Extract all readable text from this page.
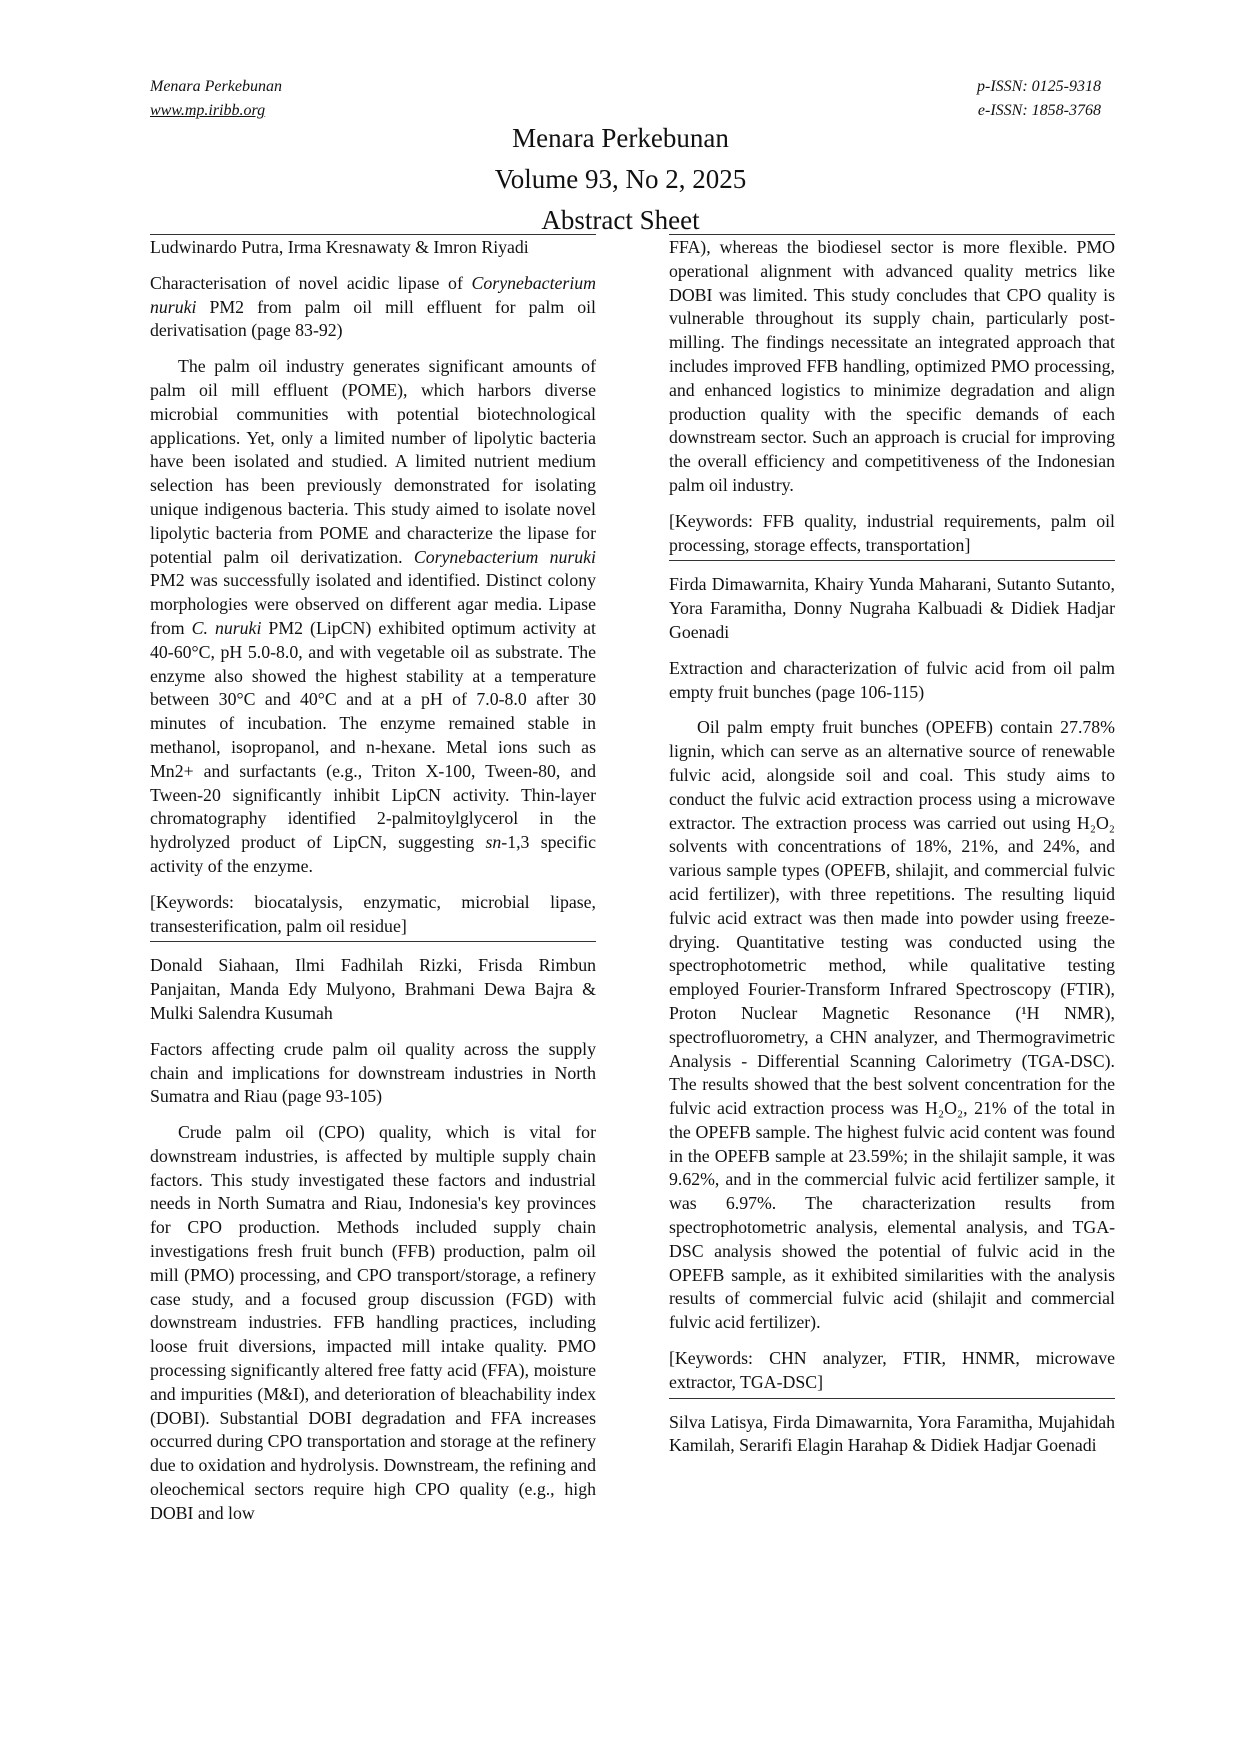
Menara Perkebunan
www.mp.iribb.org
p-ISSN: 0125-9318
e-ISSN: 1858-3768
Menara Perkebunan
Volume 93, No 2, 2025
Abstract Sheet

Ludwinardo Putra, Irma Kresnawaty & Imron Riyadi

Characterisation of novel acidic lipase of Corynebacterium nuruki PM2 from palm oil mill effluent for palm oil derivatisation (page 83-92)

The palm oil industry generates significant amounts of palm oil mill effluent (POME), which harbors diverse microbial communities with potential biotechnological applications. Yet, only a limited number of lipolytic bacteria have been isolated and studied. A limited nutrient medium selection has been previously demonstrated for isolating unique indigenous bacteria. This study aimed to isolate novel lipolytic bacteria from POME and characterize the lipase for potential palm oil derivatization. Corynebacterium nuruki PM2 was successfully isolated and identified. Distinct colony morphologies were observed on different agar media. Lipase from C. nuruki PM2 (LipCN) exhibited optimum activity at 40-60°C, pH 5.0-8.0, and with vegetable oil as substrate. The enzyme also showed the highest stability at a temperature between 30°C and 40°C and at a pH of 7.0-8.0 after 30 minutes of incubation. The enzyme remained stable in methanol, isopropanol, and n-hexane. Metal ions such as Mn2+ and surfactants (e.g., Triton X-100, Tween-80, and Tween-20 significantly inhibit LipCN activity. Thin-layer chromatography identified 2-palmitoylglycerol in the hydrolyzed product of LipCN, suggesting sn-1,3 specific activity of the enzyme.

[Keywords: biocatalysis, enzymatic, microbial lipase, transesterification, palm oil residue]

Donald Siahaan, Ilmi Fadhilah Rizki, Frisda Rimbun Panjaitan, Manda Edy Mulyono, Brahmani Dewa Bajra & Mulki Salendra Kusumah

Factors affecting crude palm oil quality across the supply chain and implications for downstream industries in North Sumatra and Riau (page 93-105)

Crude palm oil (CPO) quality, which is vital for downstream industries, is affected by multiple supply chain factors. This study investigated these factors and industrial needs in North Sumatra and Riau, Indonesia's key provinces for CPO production. Methods included supply chain investigations fresh fruit bunch (FFB) production, palm oil mill (PMO) processing, and CPO transport/storage, a refinery case study, and a focused group discussion (FGD) with downstream industries. FFB handling practices, including loose fruit diversions, impacted mill intake quality. PMO processing significantly altered free fatty acid (FFA), moisture and impurities (M&I), and deterioration of bleachability index (DOBI). Substantial DOBI degradation and FFA increases occurred during CPO transportation and storage at the refinery due to oxidation and hydrolysis. Downstream, the refining and oleochemical sectors require high CPO quality (e.g., high DOBI and low

FFA), whereas the biodiesel sector is more flexible. PMO operational alignment with advanced quality metrics like DOBI was limited. This study concludes that CPO quality is vulnerable throughout its supply chain, particularly post-milling. The findings necessitate an integrated approach that includes improved FFB handling, optimized PMO processing, and enhanced logistics to minimize degradation and align production quality with the specific demands of each downstream sector. Such an approach is crucial for improving the overall efficiency and competitiveness of the Indonesian palm oil industry.

[Keywords: FFB quality, industrial requirements, palm oil processing, storage effects, transportation]

Firda Dimawarnita, Khairy Yunda Maharani, Sutanto Sutanto, Yora Faramitha, Donny Nugraha Kalbuadi & Didiek Hadjar Goenadi

Extraction and characterization of fulvic acid from oil palm empty fruit bunches (page 106-115)

Oil palm empty fruit bunches (OPEFB) contain 27.78% lignin, which can serve as an alternative source of renewable fulvic acid, alongside soil and coal. This study aims to conduct the fulvic acid extraction process using a microwave extractor. The extraction process was carried out using H₂O₂ solvents with concentrations of 18%, 21%, and 24%, and various sample types (OPEFB, shilajit, and commercial fulvic acid fertilizer), with three repetitions. The resulting liquid fulvic acid extract was then made into powder using freeze-drying. Quantitative testing was conducted using the spectrophotometric method, while qualitative testing employed Fourier-Transform Infrared Spectroscopy (FTIR), Proton Nuclear Magnetic Resonance (¹H NMR), spectrofluorometry, a CHN analyzer, and Thermogravimetric Analysis - Differential Scanning Calorimetry (TGA-DSC). The results showed that the best solvent concentration for the fulvic acid extraction process was H₂O₂, 21% of the total in the OPEFB sample. The highest fulvic acid content was found in the OPEFB sample at 23.59%; in the shilajit sample, it was 9.62%, and in the commercial fulvic acid fertilizer sample, it was 6.97%. The characterization results from spectrophotometric analysis, elemental analysis, and TGA-DSC analysis showed the potential of fulvic acid in the OPEFB sample, as it exhibited similarities with the analysis results of commercial fulvic acid (shilajit and commercial fulvic acid fertilizer).

[Keywords: CHN analyzer, FTIR, HNMR, microwave extractor, TGA-DSC]

Silva Latisya, Firda Dimawarnita, Yora Faramitha, Mujahidah Kamilah, Serarifi Elagin Harahap & Didiek Hadjar Goenadi
